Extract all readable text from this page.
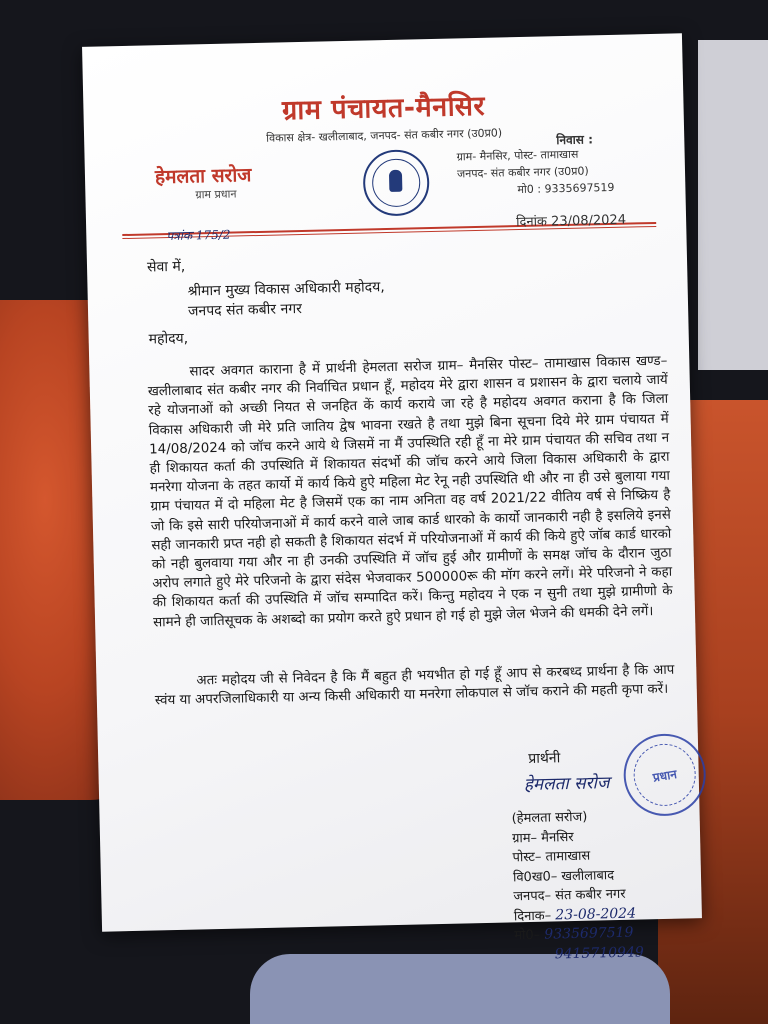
ग्राम पंचायत-मैनसिर
विकास क्षेत्र- खलीलाबाद, जनपद- संत कबीर नगर (उ0प्र0)
हेमलता सरोज
ग्राम प्रधान
निवास :
ग्राम- मैनसिर, पोस्ट- तामाखास
जनपद- संत कबीर नगर (उ0प्र0)
मो0 : 9335697519
पत्रांक 175/2
दिनांक 23/08/2024
सेवा में,
श्रीमान मुख्य विकास अधिकारी महोदय,
जनपद संत कबीर नगर
महोदय,

सादर अवगत काराना है में प्रार्थनी हेमलता सरोज ग्राम– मैनसिर पोस्ट– तामाखास विकास खण्ड– खलीलाबाद संत कबीर नगर की निर्वाचित प्रधान हूँ, महोदय मेरे द्वारा शासन व प्रशासन के द्वारा चलाये जायें रहे योजनाओं को अच्छी नियत से जनहित कें कार्य कराये जा रहे है महोदय अवगत कराना है कि जिला विकास अधिकारी जी मेरे प्रति जातिय द्वेष भावना रखते है तथा मुझे बिना सूचना दिये मेरे ग्राम पंचायत में 14/08/2024 को जॉच करने आये थे जिसमें ना मैं उपस्थिति रही हूँ ना मेरे ग्राम पंचायत की सचिव तथा न ही शिकायत कर्ता की उपस्थिति में शिकायत संदर्भो की जॉच करने आये जिला विकास अधिकारी के द्वारा मनरेगा योजना के तहत कार्यो में कार्य किये हुऐ महिला मेट रेनू नही उपस्थिति थी और ना ही उसे बुलाया गया ग्राम पंचायत में दो महिला मेट है जिसमें एक का नाम अनिता वह वर्ष 2021/22 वीतिय वर्ष से निष्क्रिय है जो कि इसे सारी परियोजनाओं में कार्य करने वाले जाब कार्ड धारको के कार्यो जानकारी नही है इसलिये इनसे सही जानकारी प्रप्त नही हो सकती है शिकायत संदर्भ में परियोजनाओं में कार्य की किये हुऐ जॉब कार्ड धारको को नही बुलवाया गया और ना ही उनकी उपस्थिति में जॉच हुई और ग्रामीणों के समक्ष जॉच के दौरान जुठा अरोप लगाते हुऐ मेरे परिजनो के द्वारा संदेस भेजवाकर 500000रू की मॉग करने लगें। मेरे परिजनो ने कहा की शिकायत कर्ता की उपस्थिति में जॉच सम्पादित करें। किन्तु महोदय ने एक न सुनी तथा मुझे ग्रामीणो के सामने ही जातिसूचक के अशब्दो का प्रयोग करते हुऐ प्रधान हो गई हो मुझे जेल भेजने की धमकी देने लगें।

अतः महोदय जी से निवेदन है कि मैं बहुत ही भयभीत हो गई हूँ आप से करबध्द प्रार्थना है कि आप स्वंय या अपरजिलाधिकारी या अन्य किसी अधिकारी या मनरेगा लोकपाल से जॉच कराने की महती कृपा करें।

प्रार्थनी
हेमलता सरोज	प्रधान
(हेमलता सरोज)
ग्राम– मैनसिर
पोस्ट– तामाखास
वि0ख0– खलीलाबाद
जनपद– संत कबीर नगर
दिनाक– 23-08-2024
मो0– 9335697519
9415710949
